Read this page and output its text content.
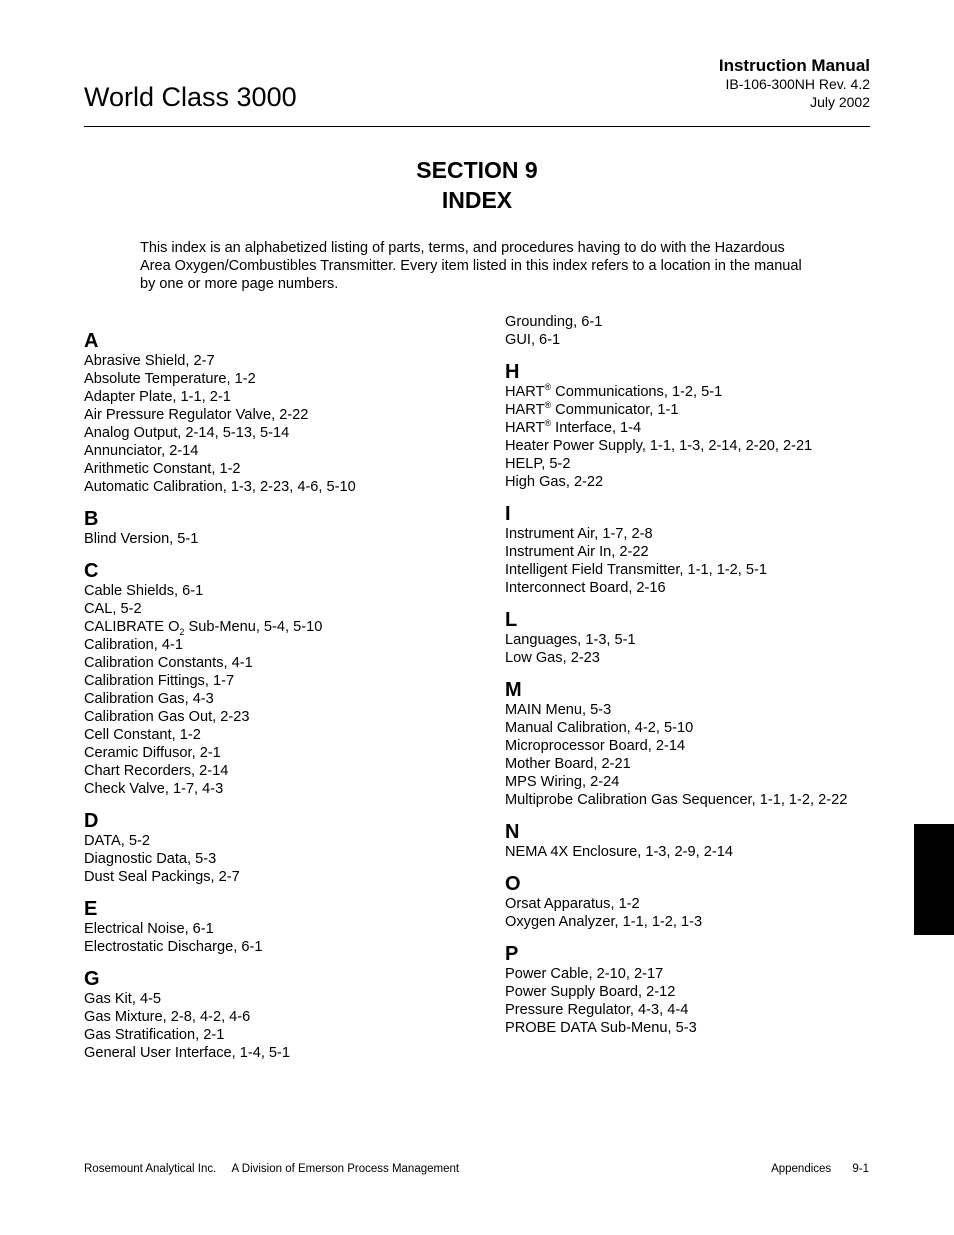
World Class 3000
Instruction Manual
IB-106-300NH Rev. 4.2
July 2002
SECTION 9
INDEX
This index is an alphabetized listing of parts, terms, and procedures having to do with the Hazardous Area Oxygen/Combustibles Transmitter. Every item listed in this index refers to a location in the manual by one or more page numbers.
A
Abrasive Shield, 2-7
Absolute Temperature, 1-2
Adapter Plate, 1-1, 2-1
Air Pressure Regulator Valve, 2-22
Analog Output, 2-14, 5-13, 5-14
Annunciator, 2-14
Arithmetic Constant, 1-2
Automatic Calibration, 1-3, 2-23, 4-6, 5-10
B
Blind Version, 5-1
C
Cable Shields, 6-1
CAL, 5-2
CALIBRATE $O_2$ Sub-Menu, 5-4, 5-10
Calibration, 4-1
Calibration Constants, 4-1
Calibration Fittings, 1-7
Calibration Gas, 4-3
Calibration Gas Out, 2-23
Cell Constant, 1-2
Ceramic Diffusor, 2-1
Chart Recorders, 2-14
Check Valve, 1-7, 4-3
D
DATA, 5-2
Diagnostic Data, 5-3
Dust Seal Packings, 2-7
E
Electrical Noise, 6-1
Electrostatic Discharge, 6-1
G
Gas Kit, 4-5
Gas Mixture, 2-8, 4-2, 4-6
Gas Stratification, 2-1
General User Interface, 1-4, 5-1
Grounding, 6-1
GUI, 6-1
H
HART® Communications, 1-2, 5-1
HART® Communicator, 1-1
HART® Interface, 1-4
Heater Power Supply, 1-1, 1-3, 2-14, 2-20, 2-21
HELP, 5-2
High Gas, 2-22
I
Instrument Air, 1-7, 2-8
Instrument Air In, 2-22
Intelligent Field Transmitter, 1-1, 1-2, 5-1
Interconnect Board, 2-16
L
Languages, 1-3, 5-1
Low Gas, 2-23
M
MAIN Menu, 5-3
Manual Calibration, 4-2, 5-10
Microprocessor Board, 2-14
Mother Board, 2-21
MPS Wiring, 2-24
Multiprobe Calibration Gas Sequencer, 1-1, 1-2, 2-22
N
NEMA 4X Enclosure, 1-3, 2-9, 2-14
O
Orsat Apparatus, 1-2
Oxygen Analyzer, 1-1, 1-2, 1-3
P
Power Cable, 2-10, 2-17
Power Supply Board, 2-12
Pressure Regulator, 4-3, 4-4
PROBE DATA Sub-Menu, 5-3
Rosemount Analytical Inc. A Division of Emerson Process Management	Appendices 9-1
